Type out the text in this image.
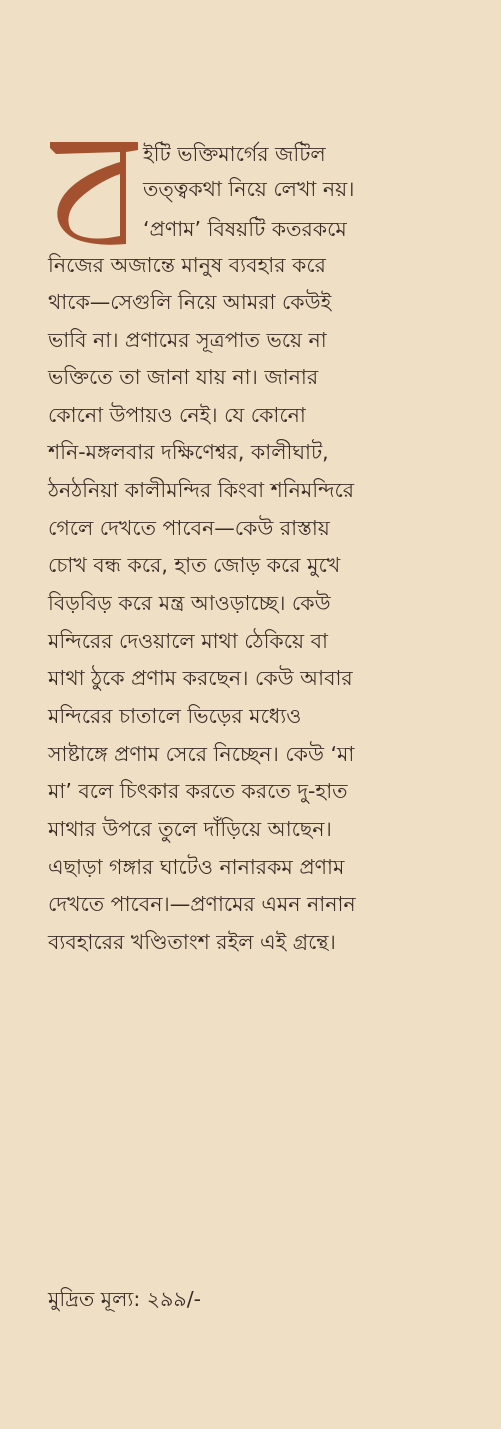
ইটি ভক্তিমার্গের জটিল
তত্ত্বকথা নিয়ে লেখা নয়।
‘প্রণাম’ বিষয়টি কতরকমে
নিজের অজান্তে মানুষ ব্যবহার করে
থাকে—সেগুলি নিয়ে আমরা কেউই
ভাবি না। প্রণামের সূত্রপাত ভয়ে না
ভক্তিতে তা জানা যায় না। জানার
কোনো উপায়ও নেই। যে কোনো
শনি-মঙ্গলবার দক্ষিণেশ্বর, কালীঘাট,
ঠনঠনিয়া কালীমন্দির কিংবা শনিমন্দিরে
গেলে দেখতে পাবেন—কেউ রাস্তায়
চোখ বন্ধ করে, হাত জোড় করে মুখে
বিড়বিড় করে মন্ত্র আওড়াচ্ছে। কেউ
মন্দিরের দেওয়ালে মাথা ঠেকিয়ে বা
মাথা ঠুকে প্রণাম করছেন। কেউ আবার
মন্দিরের চাতালে ভিড়ের মধ্যেও
সাষ্টাঙ্গে প্রণাম সেরে নিচ্ছেন। কেউ ‘মা
মা’ বলে চিৎকার করতে করতে দু-হাত
মাথার উপরে তুলে দাঁড়িয়ে আছেন।
এছাড়া গঙ্গার ঘাটেও নানারকম প্রণাম
দেখতে পাবেন।—প্রণামের এমন নানান
ব্যবহারের খণ্ডিতাংশ রইল এই গ্রন্থে।
মুদ্রিত মূল্য: ২৯৯/-
